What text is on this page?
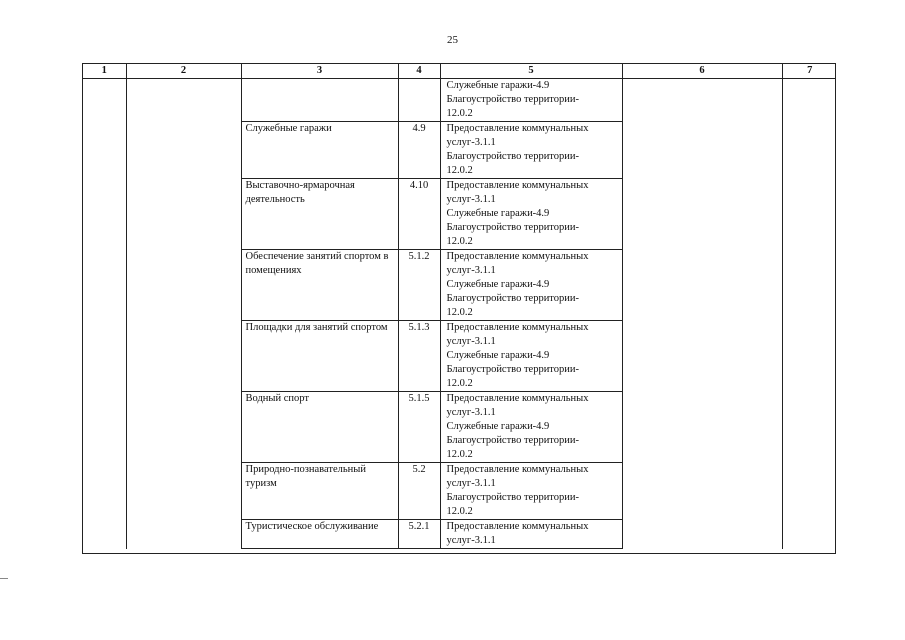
25
1	2	3	4	5	6	7

				Служебные гаражи-4.9
Благоустройство территории-
12.0.2		

		Служебные гаражи	4.9	Предоставление коммунальных
услуг-3.1.1
Благоустройство территории-
12.0.2		

		Выставочно-ярмарочная деятельность	4.10	Предоставление коммунальных
услуг-3.1.1
Служебные гаражи-4.9
Благоустройство территории-
12.0.2		

		Обеспечение занятий спортом в помещениях	5.1.2	Предоставление коммунальных
услуг-3.1.1
Служебные гаражи-4.9
Благоустройство территории-
12.0.2		

		Площадки для занятий спортом	5.1.3	Предоставление коммунальных
услуг-3.1.1
Служебные гаражи-4.9
Благоустройство территории-
12.0.2		

		Водный спорт	5.1.5	Предоставление коммунальных
услуг-3.1.1
Служебные гаражи-4.9
Благоустройство территории-
12.0.2		

		Природно-познавательный туризм	5.2	Предоставление коммунальных
услуг-3.1.1
Благоустройство территории-
12.0.2		

		Туристическое обслуживание	5.2.1	Предоставление коммунальных
услуг-3.1.1		
